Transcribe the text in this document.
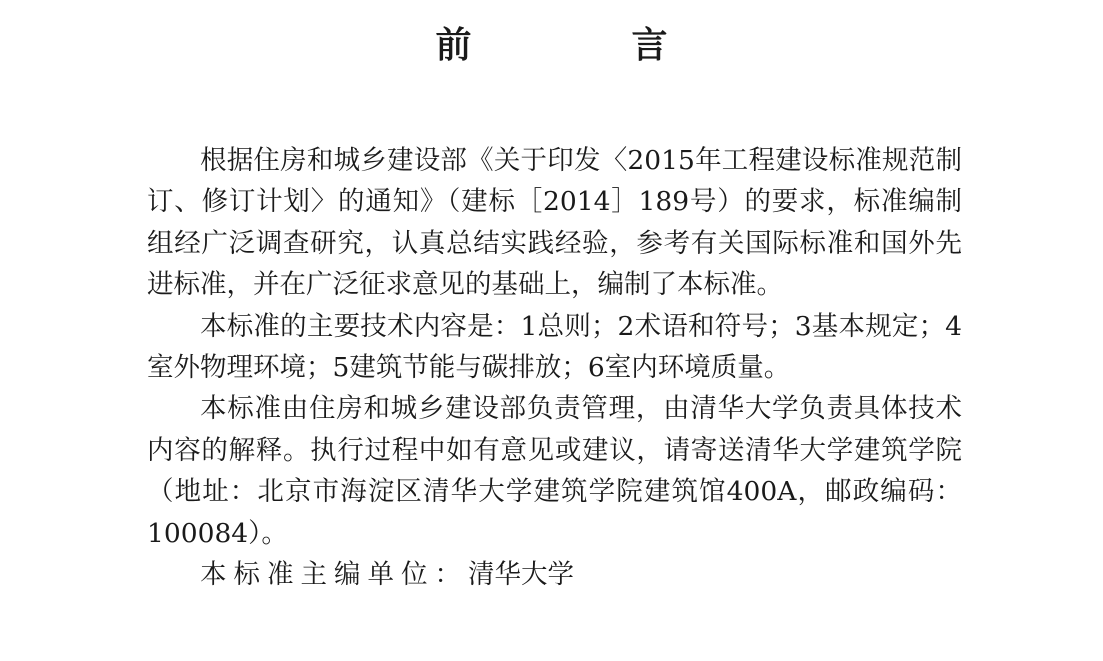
前　言

根据住房和城乡建设部《关于印发〈2015年工程建设标准规范制订、修订计划〉的通知》（建标［2014］189号）的要求，标准编制组经广泛调查研究，认真总结实践经验，参考有关国际标准和国外先进标准，并在广泛征求意见的基础上，编制了本标准。

本标准的主要技术内容是：1总则；2术语和符号；3基本规定；4室外物理环境；5建筑节能与碳排放；6室内环境质量。

本标准由住房和城乡建设部负责管理，由清华大学负责具体技术内容的解释。执行过程中如有意见或建议，请寄送清华大学建筑学院（地址：北京市海淀区清华大学建筑学院建筑馆400A，邮政编码：100084）。

本标准主编单位：清华大学
